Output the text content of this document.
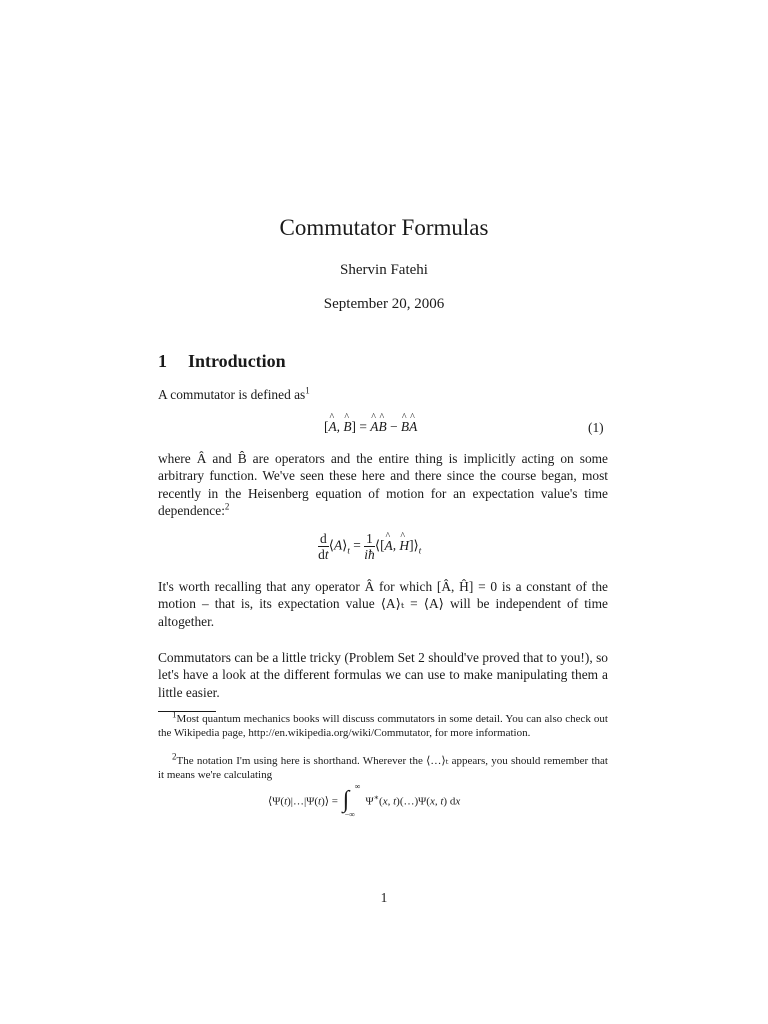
Commutator Formulas
Shervin Fatehi
September 20, 2006
1 Introduction
A commutator is defined $as^1$
[^ A, ^ B] = ^ A^ B − ^ B^ A	(1)
where Â and B̂ are operators and the entire thing is implicitly acting on some arbitrary function. We've seen these here and there since the course began, most recently in the Heisenberg equation of motion for an expectation value's time dependence:$^2$
$\frac{d}{dt}$ $⟨A⟩_t = \frac{1}{iħ}$ ⟨[^ A, ^ $H]⟩_t$
It's worth recalling that any operator Â for which [Â, Ĥ] = 0 is a constant of the motion – that is, its expectation value ⟨A⟩ₜ = ⟨A⟩ will be independent of time altogether.
Commutators can be a little tricky (Problem Set 2 should've proved that to you!), so let's have a look at the different formulas we can use to make manipulating them a little easier.
$^1$Most quantum mechanics books will discuss commutators in some detail. You can also check out the Wikipedia page, http://en.wikipedia.org/wiki/Commutator, for more information.
$^2$The notation I'm using here is shorthand. Wherever the ⟨…⟩ₜ appears, you should remember that it means we're calculating
⟨Ψ(t)|…|Ψ(t)⟩ = ∫
∞
−∞
Ψ∗(x, t)(…)Ψ(x, t) dx
1
